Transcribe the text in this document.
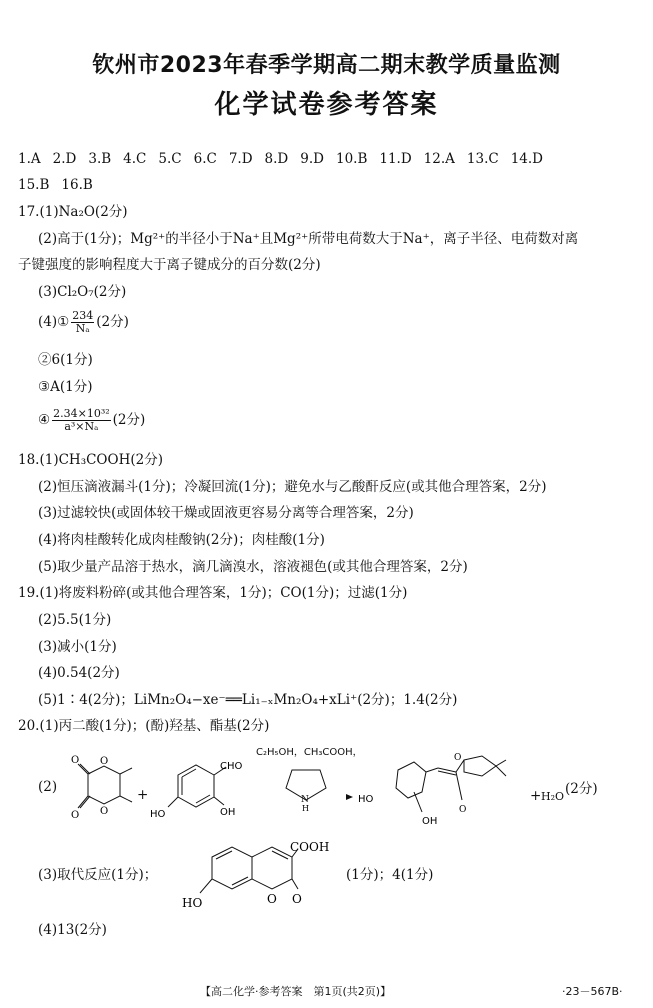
钦州市2023年春季学期高二期末教学质量监测
化学试卷参考答案
1.A 2.D 3.B 4.C 5.C 6.C 7.D 8.D 9.D 10.B 11.D 12.A 13.C 14.D
15.B 16.B
17.(1)Na₂O(2分)
(2)高于(1分)；Mg²⁺的半径小于Na⁺且Mg²⁺所带电荷数大于Na⁺，离子半径、电荷数对离
子键强度的影响程度大于离子键成分的百分数(2分)
(3)Cl₂O₇(2分)
(4)① $\frac{234}{\text{Nₐ}} (2$分)
②6(1分)
③A(1分)
④ $\frac{\text{2.34×10³²}}{\text{a³×Nₐ}} (2$分)
18.(1)CH₃COOH(2分)
(2)恒压滴液漏斗(1分)；冷凝回流(1分)；避免水与乙酸酐反应(或其他合理答案，2分)
(3)过滤较快(或固体较干燥或固液更容易分离等合理答案，2分)
(4)将肉桂酸转化成肉桂酸钠(2分)；肉桂酸(1分)
(5)取少量产品溶于热水，滴几滴溴水，溶液褪色(或其他合理答案，2分)
19.(1)将废料粉碎(或其他合理答案，1分)；CO(1分)；过滤(1分)
(2)5.5(1分)
(3)减小(1分)
(4)0.54(2分)
(5)1∶4(2分)；LiMn₂O₄−xe⁻══Li₁₋ₓMn₂O₄+xLi⁺(2分)；1.4(2分)
20.(1)丙二酸(1分)；(酚)羟基、酯基(2分)
(2)
O
O
O
O
+
CHO
OH
HO
C₂H₅OH，CH₃COOH，
N
H
O
O
HO
OH
+ H₂O (2分)
(3)取代反应(1分)；
COOH
HO	O O
(1分)；4(1分)
(4)13(2分)
【高二化学·参考答案　第1页(共2页)】	·23－567B·
